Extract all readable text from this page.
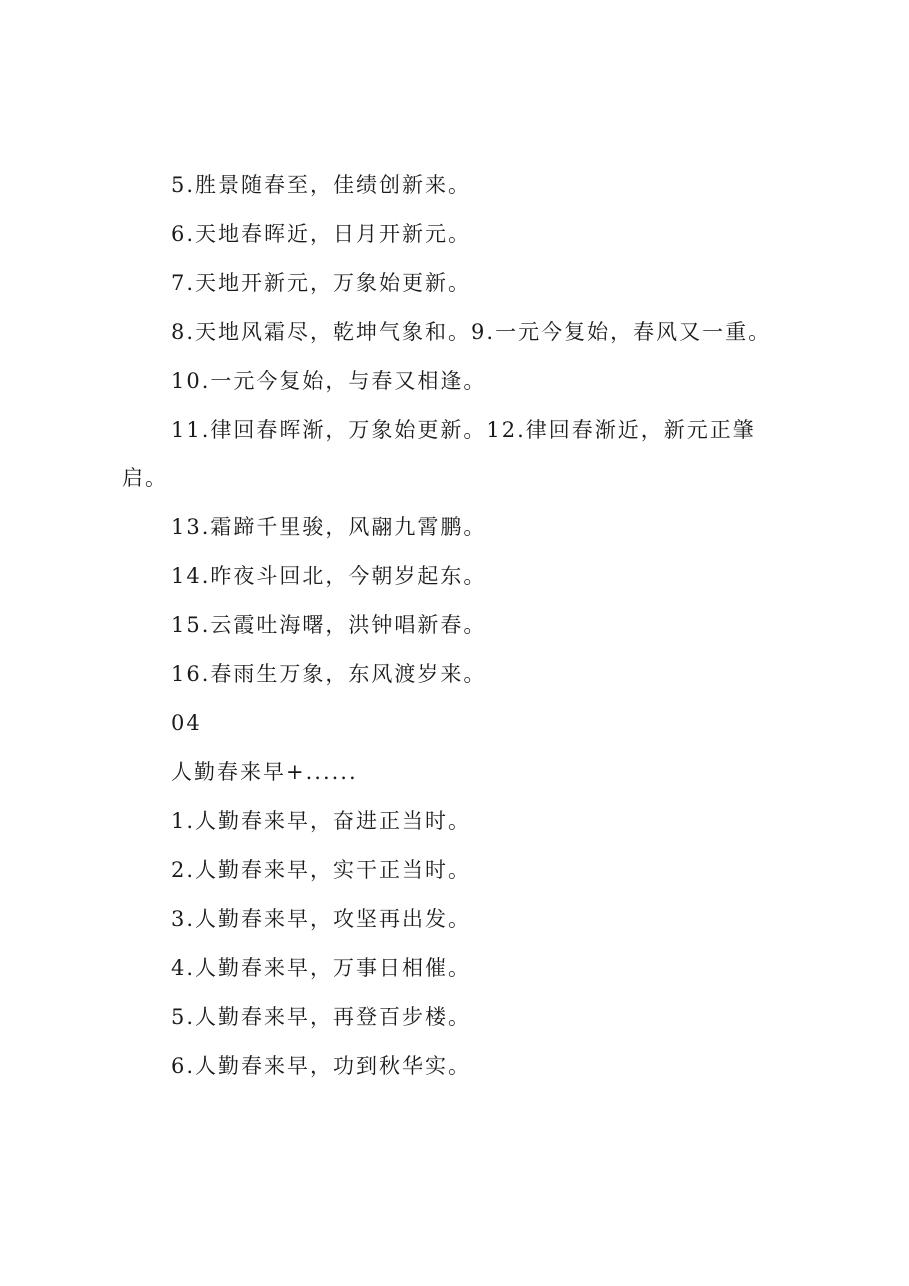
5.胜景随春至，佳绩创新来。
6.天地春晖近，日月开新元。
7.天地开新元，万象始更新。
8.天地风霜尽，乾坤气象和。9.一元今复始，春风又一重。
10.一元今复始，与春又相逢。
11.律回春晖渐，万象始更新。12.律回春渐近，新元正肇
启。
13.霜蹄千里骏，风翮九霄鹏。
14.昨夜斗回北，今朝岁起东。
15.云霞吐海曙，洪钟唱新春。
16.春雨生万象，东风渡岁来。
04
人勤春来早+......
1.人勤春来早，奋进正当时。
2.人勤春来早，实干正当时。
3.人勤春来早，攻坚再出发。
4.人勤春来早，万事日相催。
5.人勤春来早，再登百步楼。
6.人勤春来早，功到秋华实。
